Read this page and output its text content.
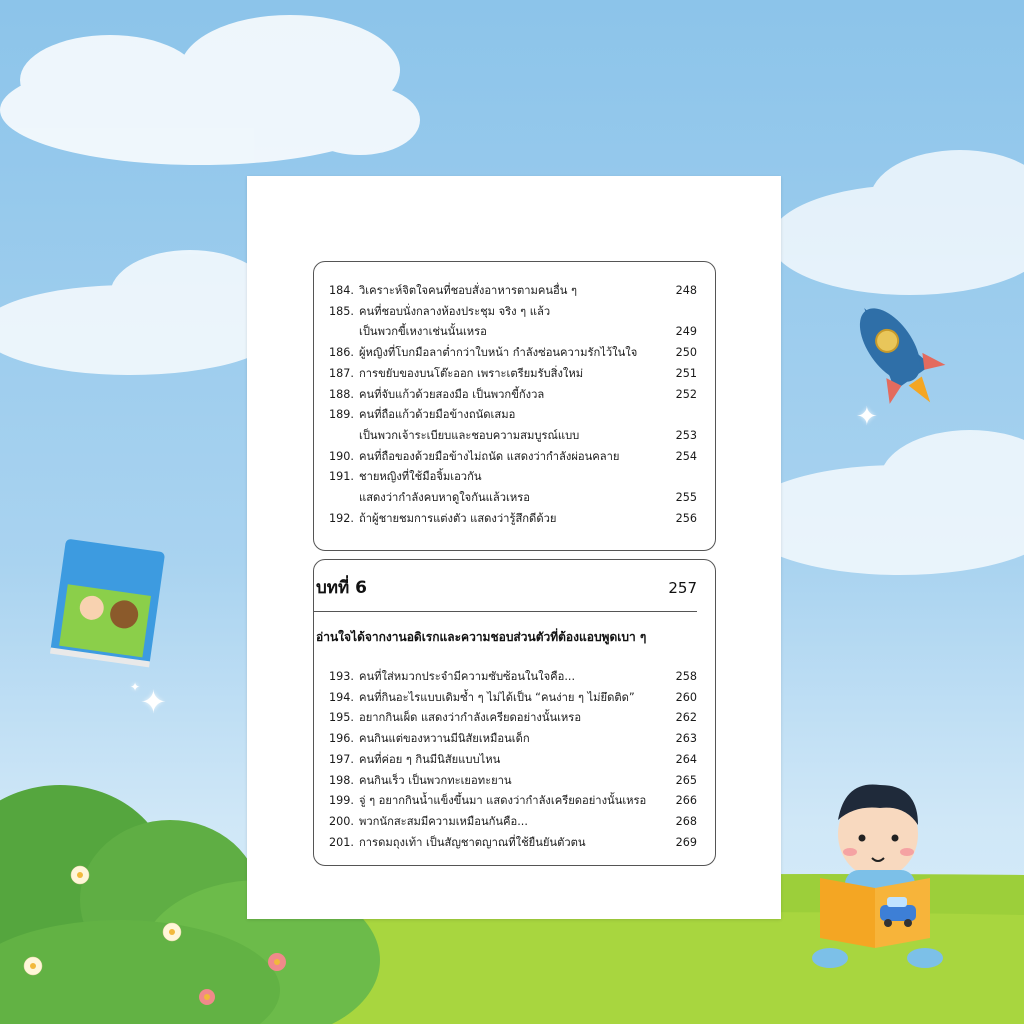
✦
✦
✦
184. วิเคราะห์จิตใจคนที่ชอบสั่งอาหารตามคนอื่น ๆ	248
185. คนที่ชอบนั่งกลางห้องประชุม จริง ๆ แล้ว
เป็นพวกขี้เหงาเช่นนั้นเหรอ	249
186. ผู้หญิงที่โบกมือลาต่ำกว่าใบหน้า กำลังซ่อนความรักไว้ในใจ	250
187. การขยับของบนโต๊ะออก เพราะเตรียมรับสิ่งใหม่	251
188. คนที่จับแก้วด้วยสองมือ เป็นพวกขี้กังวล	252
189. คนที่ถือแก้วด้วยมือข้างถนัดเสมอ
เป็นพวกเจ้าระเบียบและชอบความสมบูรณ์แบบ	253
190. คนที่ถือของด้วยมือข้างไม่ถนัด แสดงว่ากำลังผ่อนคลาย	254
191. ชายหญิงที่ใช้มือจิ้มเอวกัน
แสดงว่ากำลังคบหาดูใจกันแล้วเหรอ	255
192. ถ้าผู้ชายชมการแต่งตัว แสดงว่ารู้สึกดีด้วย	256
บทที่ 6	257
อ่านใจได้จากงานอดิเรกและความชอบส่วนตัวที่ต้องแอบพูดเบา ๆ
193. คนที่ใส่หมวกประจำมีความซับซ้อนในใจคือ...	258
194. คนที่กินอะไรแบบเดิมซ้ำ ๆ ไม่ได้เป็น “คนง่าย ๆ ไม่ยึดติด”	260
195. อยากกินเผ็ด แสดงว่ากำลังเครียดอย่างนั้นเหรอ	262
196. คนกินแต่ของหวานมีนิสัยเหมือนเด็ก	263
197. คนที่ค่อย ๆ กินมีนิสัยแบบไหน	264
198. คนกินเร็ว เป็นพวกทะเยอทะยาน	265
199. จู่ ๆ อยากกินน้ำแข็งขึ้นมา แสดงว่ากำลังเครียดอย่างนั้นเหรอ	266
200. พวกนักสะสมมีความเหมือนกันคือ...	268
201. การดมถุงเท้า เป็นสัญชาตญาณที่ใช้ยืนยันตัวตน	269
